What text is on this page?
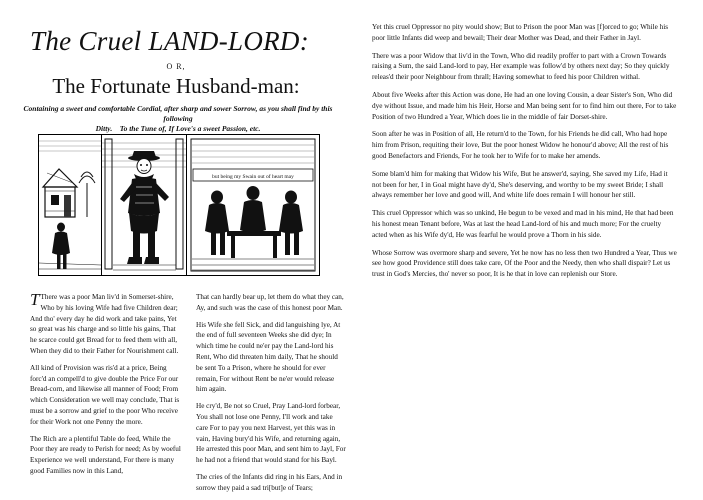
The Cruel LAND-LORD:
O R,
The Fortunate Husband-man:
Containing a sweet and comfortable Cordial, after sharp and sower Sorrow, as you shall find by this following
Ditty. To the Tune of, If Love's a sweet Passion, etc.
but being my Swain out of heart may

T There was a poor Man liv'd in Somerset-shire, Who by his loving Wife had five Children dear; And tho' every day he did work and take pains, Yet so great was his charge and so little his gains, That he scarce could get Bread for to feed them with all, When they did to their Father for Nourishment call.

All kind of Provision was ris'd at a price, Being forc'd an compell'd to give double the Price For our Bread-corn, and likewise all manner of Food; From which Consideration we well may conclude, That is must be a sorrow and grief to the poor Who receive for their Work not one Penny the more.

The Rich are a plentiful Table do feed, While the Poor they are ready to Perish for need; As by woeful Experience we well understand, For there is many good Families now in this Land,

That can hardly bear up, let them do what they can, Ay, and such was the case of this honest poor Man.

His Wife she fell Sick, and did languishing lye, At the end of full seventeen Weeks she did dye; In which time he could ne'er pay the Land-lord his Rent, Who did threaten him daily, That he should be sent To a Prison, where he should for ever remain, For without Rent be ne'er would release him again.

He cry'd, Be not so Cruel, Pray Land-lord forbear, You shall not lose one Penny, I'll work and take care For to pay you next Harvest, yet this was in vain, Having bury'd his Wife, and returning again, He arrested this poor Man, and sent him to Jayl, For he had not a friend that would stand for his Bayl.

The cries of the Infants did ring in his Ears, And in sorrow they paid a sad tri[but]e of Tears;

Yet this cruel Oppressor no pity would show; But to Prison the poor Man was [f]orced to go; While his poor little Infants did weep and bewail; Their dear Mother was Dead, and their Father in Jayl.

There was a poor Widow that liv'd in the Town, Who did readily proffer to part with a Crown Towards raising a Sum, the said Land-lord to pay, Her example was follow'd by others next day; So they quickly releas'd their poor Neighbour from thrall; Having somewhat to feed his poor Children withal.

About five Weeks after this Action was done, He had an one loving Cousin, a dear Sister's Son, Who did dye without Issue, and made him his Heir, Horse and Man being sent for to find him out there, For to take Position of two Hundred a Year, Which does lie in the middle of fair Dorset-shire.

Soon after he was in Position of all, He return'd to the Town, for his Friends he did call, Who had hope him from Prison, requiting their love, But the poor honest Widow he honour'd above; All the rest of his good Benefactors and Friends, For he took her to Wife for to make her amends.

Some blam'd him for making that Widow his Wife, But he answer'd, saying, She saved my Life, Had it not been for her, I in Goal might have dy'd, She's deserving, and worthy to be my sweet Bride; I shall always remember her love and good will, And white life does remain I will honour her still.

This cruel Oppressor which was so unkind, He begun to be vexed and mad in his mind, He that had been his honest mean Tenant before, Was at last the head Land-lord of his and much more; For the cruelty acted when as his Wife dy'd, He was fearful he would prove a Thorn in his side.

Whose Sorrow was overmore sharp and severe, Yet he now has no less then two Hundred a Year, Thus we see how good Providence still does take care, Of the Poor and the Needy, then who shall dispair? Let us trust in God's Mercies, tho' never so poor, It is he that in love can replenish our Store.
